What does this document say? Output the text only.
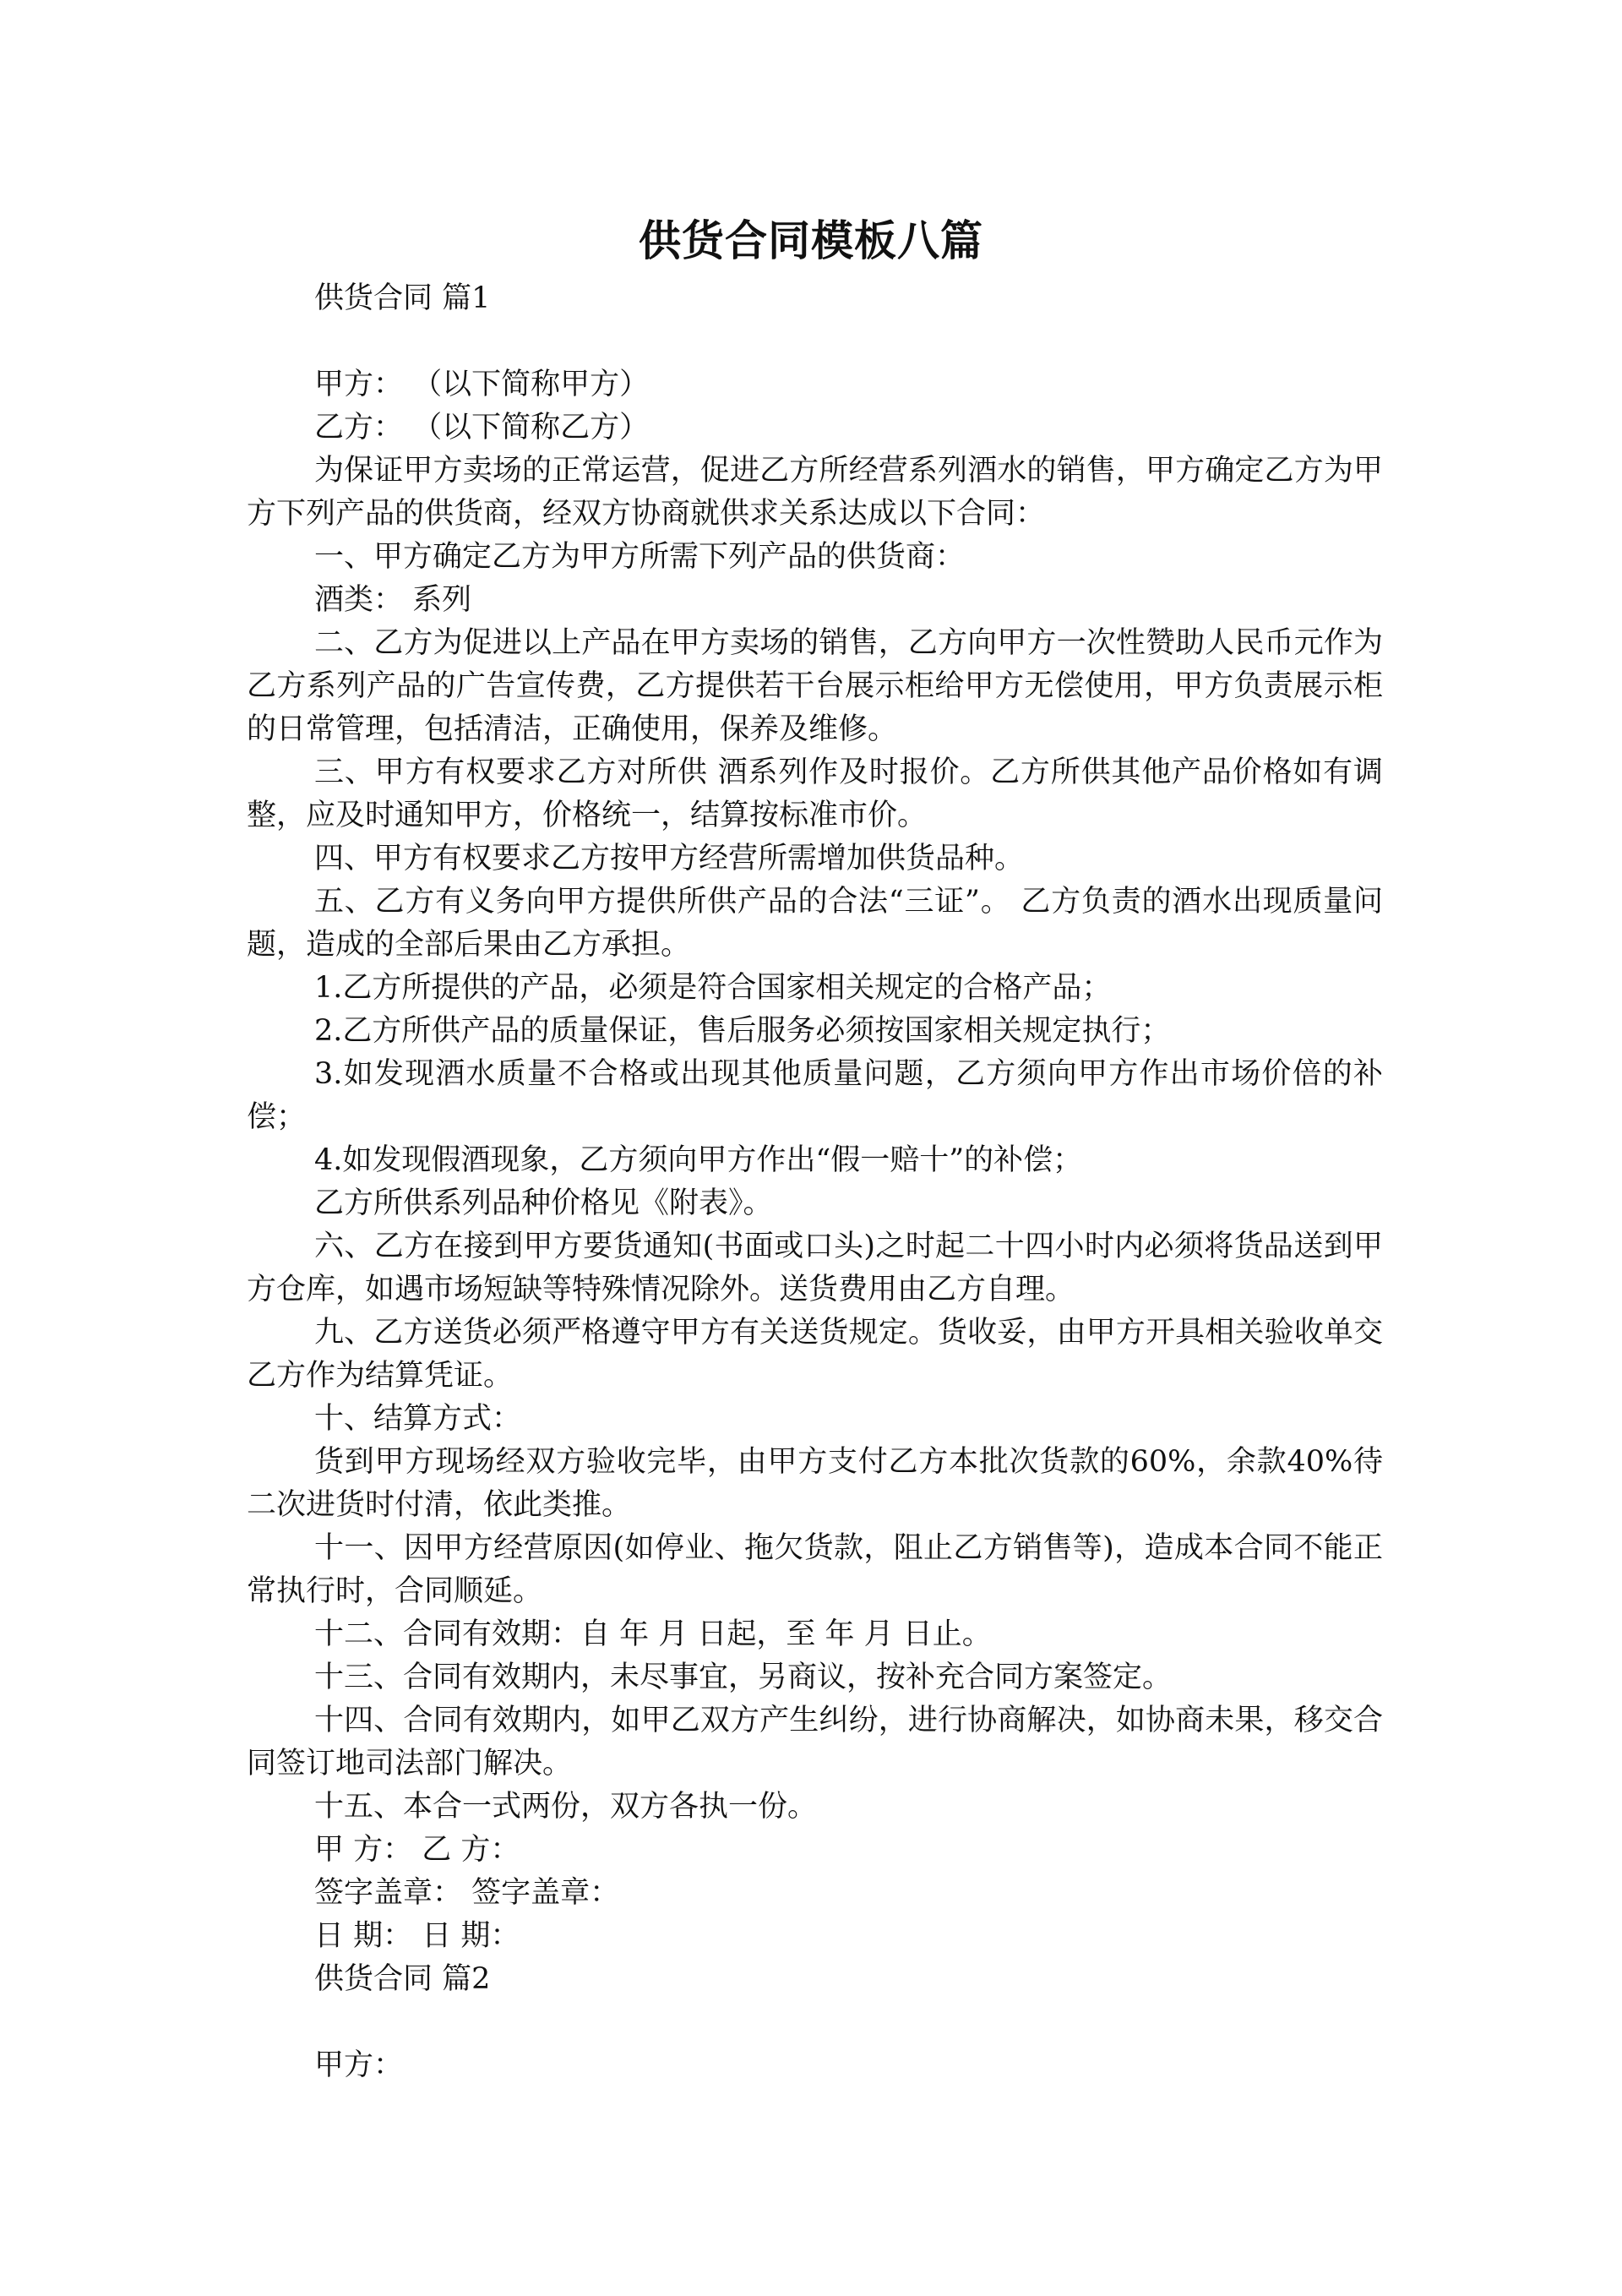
供货合同模板八篇

供货合同 篇1

甲方： （以下简称甲方）

乙方： （以下简称乙方）

为保证甲方卖场的正常运营，促进乙方所经营系列酒水的销售，甲方确定乙方为甲方下列产品的供货商，经双方协商就供求关系达成以下合同：

一、甲方确定乙方为甲方所需下列产品的供货商：

酒类： 系列

二、乙方为促进以上产品在甲方卖场的销售，乙方向甲方一次性赞助人民币元作为乙方系列产品的广告宣传费，乙方提供若干台展示柜给甲方无偿使用，甲方负责展示柜的日常管理，包括清洁，正确使用，保养及维修。

三、甲方有权要求乙方对所供 酒系列作及时报价。乙方所供其他产品价格如有调整，应及时通知甲方，价格统一，结算按标准市价。

四、甲方有权要求乙方按甲方经营所需增加供货品种。

五、乙方有义务向甲方提供所供产品的合法“三证”。 乙方负责的酒水出现质量问题，造成的全部后果由乙方承担。

1.乙方所提供的产品，必须是符合国家相关规定的合格产品；

2.乙方所供产品的质量保证，售后服务必须按国家相关规定执行；

3.如发现酒水质量不合格或出现其他质量问题，乙方须向甲方作出市场价倍的补偿；

4.如发现假酒现象，乙方须向甲方作出“假一赔十”的补偿；

乙方所供系列品种价格见《附表》。

六、乙方在接到甲方要货通知(书面或口头)之时起二十四小时内必须将货品送到甲方仓库，如遇市场短缺等特殊情况除外。送货费用由乙方自理。

九、乙方送货必须严格遵守甲方有关送货规定。货收妥，由甲方开具相关验收单交乙方作为结算凭证。

十、结算方式：

货到甲方现场经双方验收完毕，由甲方支付乙方本批次货款的60%，余款40%待二次进货时付清，依此类推。

十一、因甲方经营原因(如停业、拖欠货款，阻止乙方销售等)，造成本合同不能正常执行时，合同顺延。

十二、合同有效期：自 年 月 日起，至 年 月 日止。

十三、合同有效期内，未尽事宜，另商议，按补充合同方案签定。

十四、合同有效期内，如甲乙双方产生纠纷，进行协商解决，如协商未果，移交合同签订地司法部门解决。

十五、本合一式两份，双方各执一份。

甲 方： 乙 方：

签字盖章： 签字盖章：

日 期： 日 期：

供货合同 篇2

甲方：
